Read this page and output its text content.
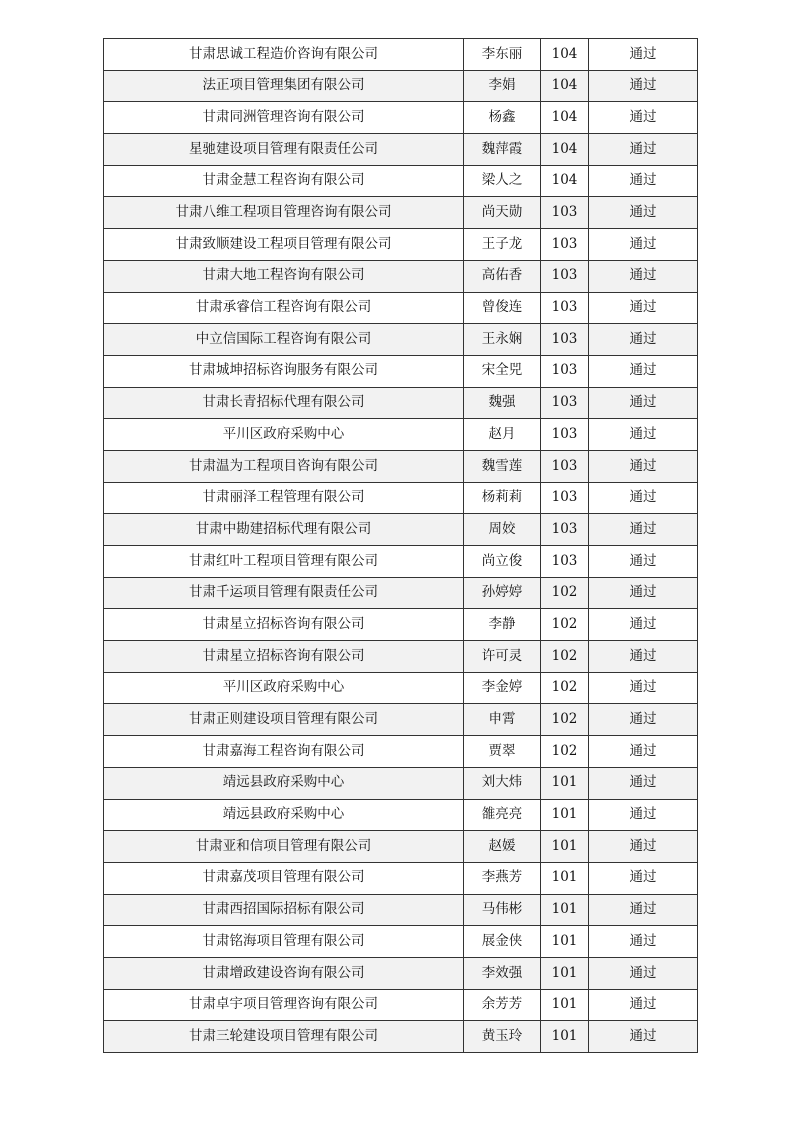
甘肃思诚工程造价咨询有限公司	李东丽	104	通过
法正项目管理集团有限公司	李娟	104	通过
甘肃同洲管理咨询有限公司	杨鑫	104	通过
星驰建设项目管理有限责任公司	魏萍霞	104	通过
甘肃金慧工程咨询有限公司	梁人之	104	通过
甘肃八维工程项目管理咨询有限公司	尚天勋	103	通过
甘肃致顺建设工程项目管理有限公司	王子龙	103	通过
甘肃大地工程咨询有限公司	高佑香	103	通过
甘肃承睿信工程咨询有限公司	曾俊连	103	通过
中立信国际工程咨询有限公司	王永娴	103	通过
甘肃城坤招标咨询服务有限公司	宋全兕	103	通过
甘肃长青招标代理有限公司	魏强	103	通过
平川区政府采购中心	赵月	103	通过
甘肃温为工程项目咨询有限公司	魏雪莲	103	通过
甘肃丽泽工程管理有限公司	杨莉莉	103	通过
甘肃中勘建招标代理有限公司	周姣	103	通过
甘肃红叶工程项目管理有限公司	尚立俊	103	通过
甘肃千运项目管理有限责任公司	孙婷婷	102	通过
甘肃星立招标咨询有限公司	李静	102	通过
甘肃星立招标咨询有限公司	许可灵	102	通过
平川区政府采购中心	李金婷	102	通过
甘肃正则建设项目管理有限公司	申霄	102	通过
甘肃嘉海工程咨询有限公司	贾翠	102	通过
靖远县政府采购中心	刘大炜	101	通过
靖远县政府采购中心	雒亮亮	101	通过
甘肃亚和信项目管理有限公司	赵媛	101	通过
甘肃嘉茂项目管理有限公司	李燕芳	101	通过
甘肃西招国际招标有限公司	马伟彬	101	通过
甘肃铭海项目管理有限公司	展金侠	101	通过
甘肃增政建设咨询有限公司	李效强	101	通过
甘肃卓宇项目管理咨询有限公司	余芳芳	101	通过
甘肃三轮建设项目管理有限公司	黄玉玲	101	通过
